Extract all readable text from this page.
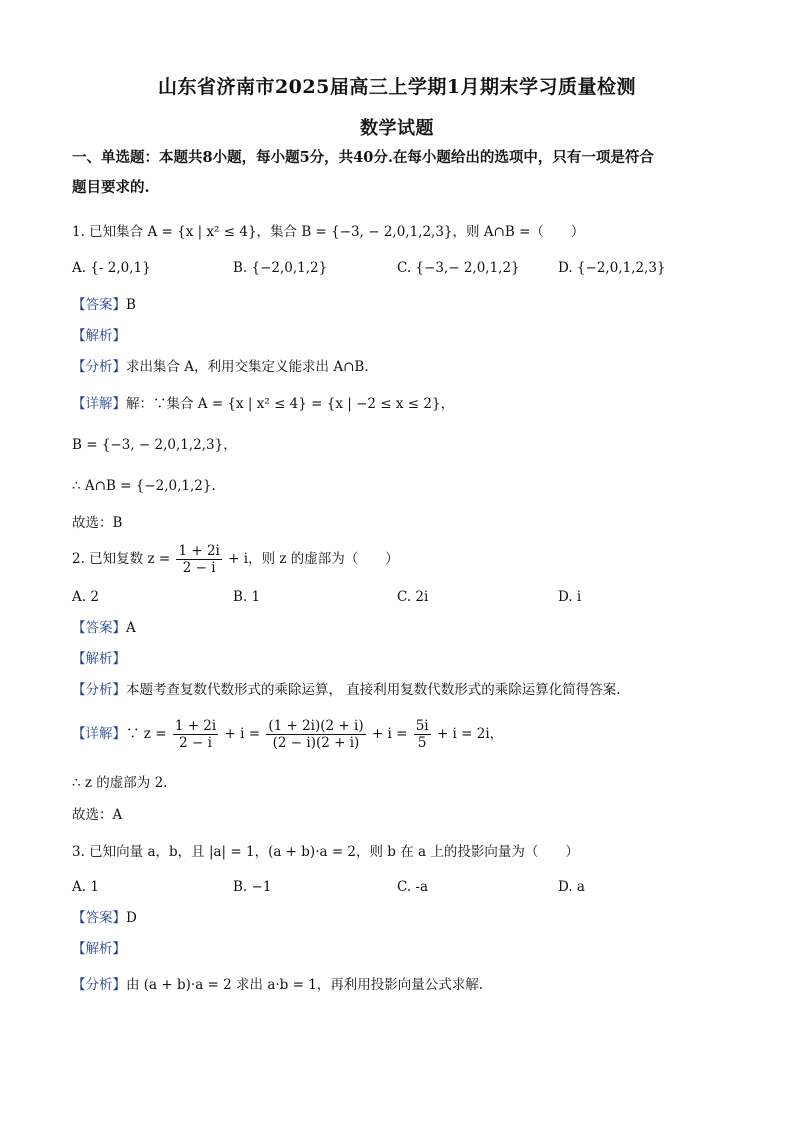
山东省济南市2025届高三上学期1月期末学习质量检测
数学试题
一、单选题：本题共8小题，每小题5分，共40分.在每小题给出的选项中，只有一项是符合
题目要求的.
1. 已知集合 A = {x | x² ≤ 4}，集合 B = {−3, − 2,0,1,2,3}，则 A∩B =（　　）
A. {- 2,0,1}	B. {−2,0,1,2}	C. {−3,− 2,0,1,2}	D. {−2,0,1,2,3}
【答案】B
【解析】
【分析】求出集合 A，利用交集定义能求出 A∩B.
【详解】解：∵集合 A = {x | x² ≤ 4} = {x | −2 ≤ x ≤ 2}，
B = {−3, − 2,0,1,2,3}，
∴ A∩B = {−2,0,1,2}.
故选：B
2. 已知复数 $z = \frac{1 + 2i}{2 - i} + i$，则 z 的虚部为（　　）
A. 2	B. 1	C. 2i	D. i
【答案】A
【解析】
【分析】本题考查复数代数形式的乘除运算， 直接利用复数代数形式的乘除运算化简得答案.
【详解】∵ $z = \frac{1 + 2i}{2 - i} + i = \frac{(1 + 2i)(2 + i)}{(2 - i)(2 + i)} + i = \frac{5i}{5} + i = 2i$，
∴ z 的虚部为 2.
故选：A
3. 已知向量 a，b，且 |a| = 1，(a + b)·a = 2，则 b 在 a 上的投影向量为（　　）
A. 1	B. −1	C. -a	D. a
【答案】D
【解析】
【分析】由 (a + b)·a = 2 求出 a·b = 1，再利用投影向量公式求解.
